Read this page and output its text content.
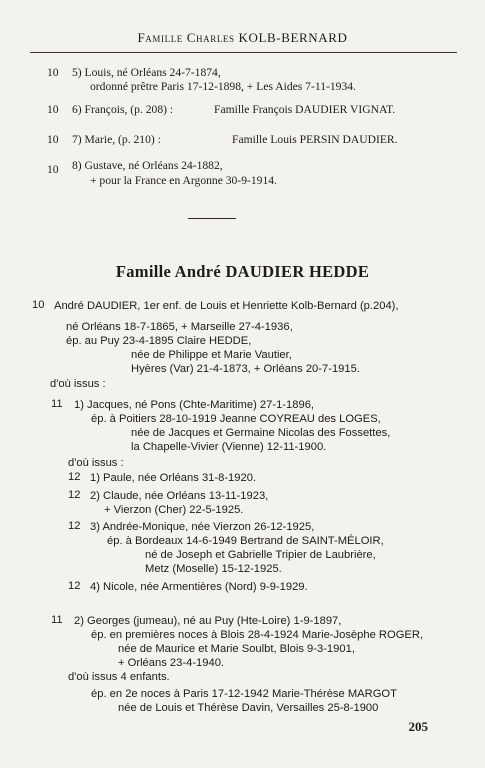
Famille Charles KOLB-BERNARD
10 5) Louis, né Orléans 24-7-1874,
ordonné prêtre Paris 17-12-1898, + Les Aides 7-11-1934.
10 6) François, (p. 208) :	Famille François DAUDIER VIGNAT.
10 7) Marie, (p. 210) :	Famille Louis PERSIN DAUDIER.
10 8) Gustave, né Orléans 24-1882,
+ pour la France en Argonne 30-9-1914.
Famille André DAUDIER HEDDE
10 André DAUDIER, 1er enf. de Louis et Henriette Kolb-Bernard (p.204),
né Orléans 18-7-1865, + Marseille 27-4-1936,
ép. au Puy 23-4-1895 Claire HEDDE,
née de Philippe et Marie Vautier,
Hyères (Var) 21-4-1873, + Orléans 20-7-1915.
d'où issus :
11 1) Jacques, né Pons (Chte-Maritime) 27-1-1896,
ép. à Poitiers 28-10-1919 Jeanne COYREAU des LOGES,
née de Jacques et Germaine Nicolas des Fossettes,
la Chapelle-Vivier (Vienne) 12-11-1900.
d'où issus :
12 1) Paule, née Orléans 31-8-1920.
12 2) Claude, née Orléans 13-11-1923,
+ Vierzon (Cher) 22-5-1925.
12 3) Andrée-Monique, née Vierzon 26-12-1925,
ép. à Bordeaux 14-6-1949 Bertrand de SAINT-MÉLOIR,
né de Joseph et Gabrielle Tripier de Laubrière,
Metz (Moselle) 15-12-1925.
12 4) Nicole, née Armentières (Nord) 9-9-1929.
11 2) Georges (jumeau), né au Puy (Hte-Loire) 1-9-1897,
ép. en premières noces à Blois 28-4-1924 Marie-Josèphe ROGER,
née de Maurice et Marie Soulbt, Blois 9-3-1901,
+ Orléans 23-4-1940.
d'où issus 4 enfants.
ép. en 2e noces à Paris 17-12-1942 Marie-Thérèse MARGOT
née de Louis et Thérèse Davin, Versailles 25-8-1900
205
